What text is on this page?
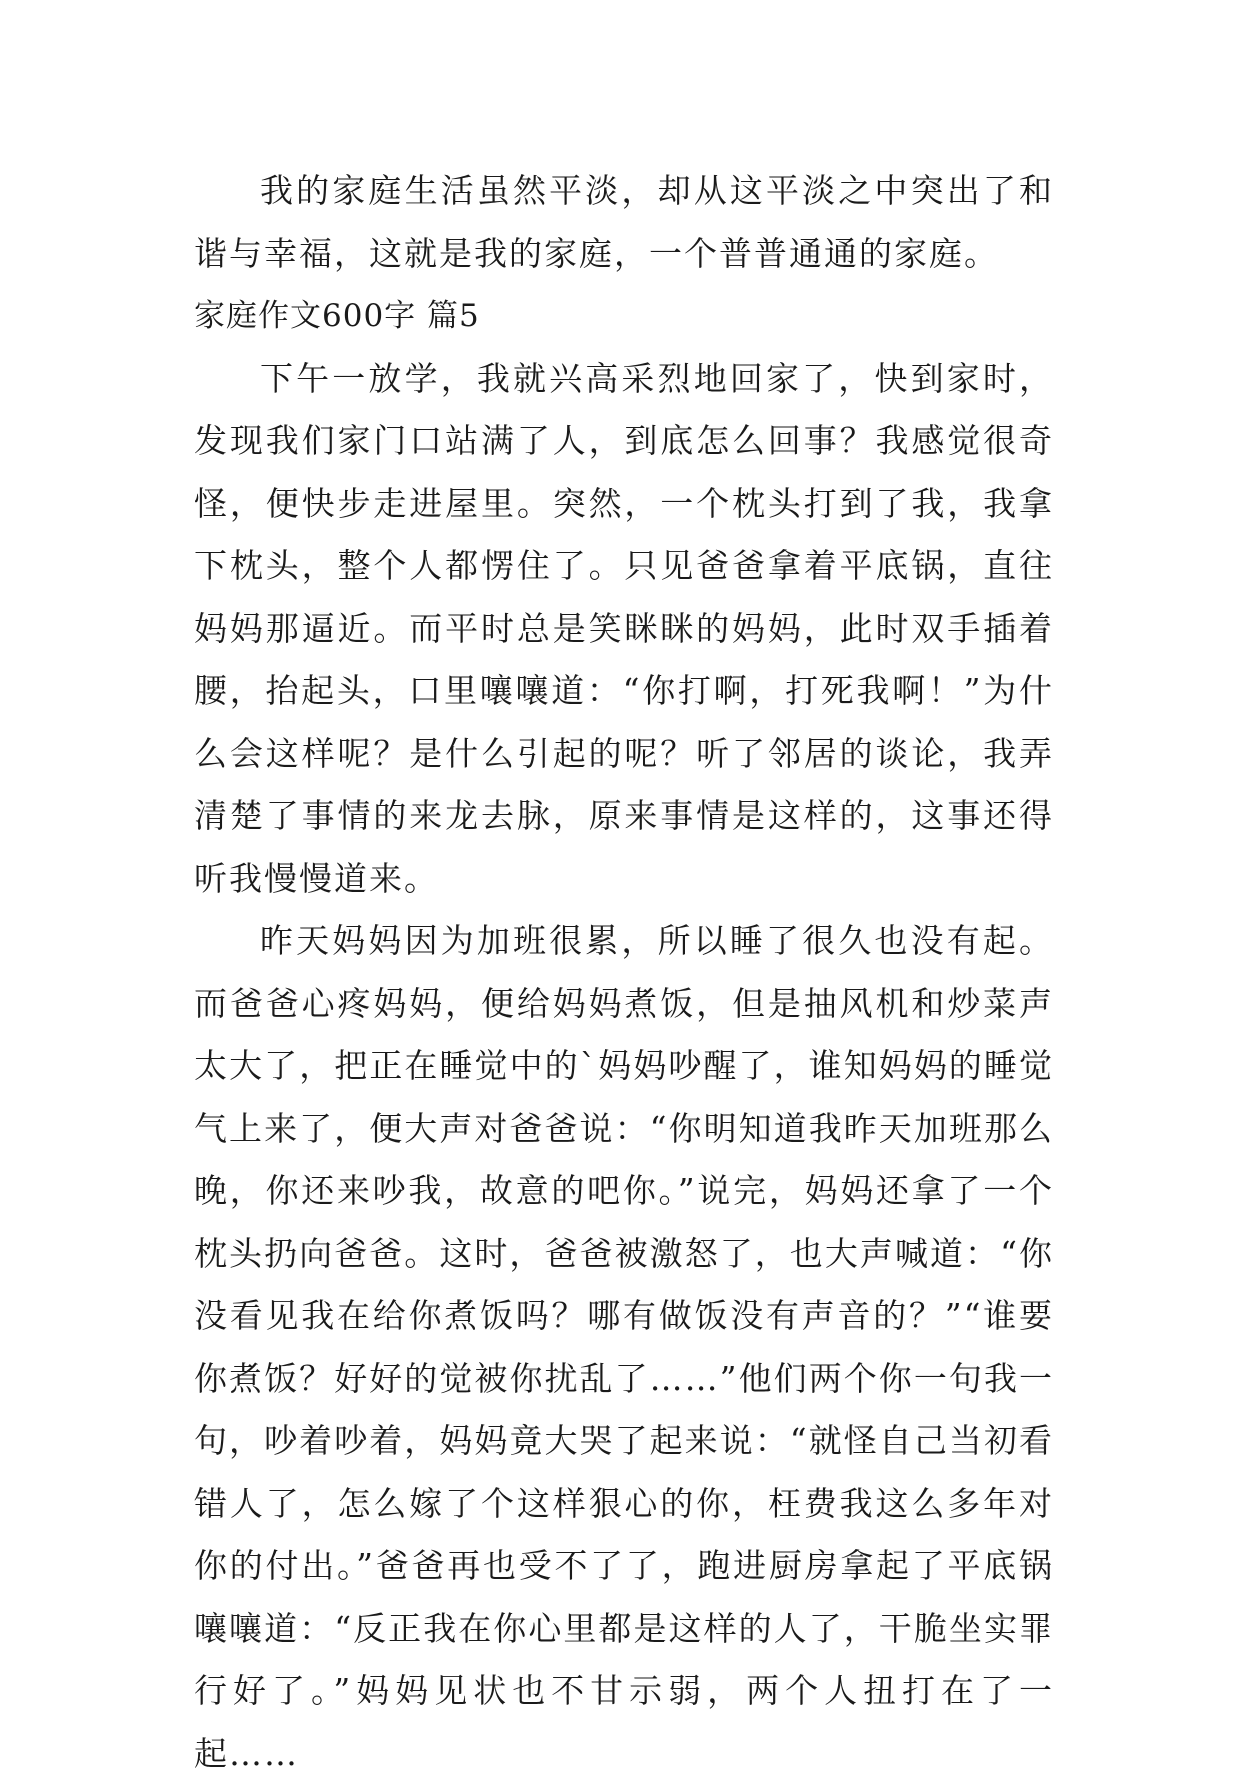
我的家庭生活虽然平淡，却从这平淡之中突出了和谐与幸福，这就是我的家庭，一个普普通通的家庭。

家庭作文600字 篇5

下午一放学，我就兴高采烈地回家了，快到家时，发现我们家门口站满了人，到底怎么回事？我感觉很奇怪，便快步走进屋里。突然，一个枕头打到了我，我拿下枕头，整个人都愣住了。只见爸爸拿着平底锅，直往妈妈那逼近。而平时总是笑眯眯的妈妈，此时双手插着腰，抬起头，口里嚷嚷道：“你打啊，打死我啊！”为什么会这样呢？是什么引起的呢？听了邻居的谈论，我弄清楚了事情的来龙去脉，原来事情是这样的，这事还得听我慢慢道来。

昨天妈妈因为加班很累，所以睡了很久也没有起。而爸爸心疼妈妈，便给妈妈煮饭，但是抽风机和炒菜声太大了，把正在睡觉中的`妈妈吵醒了，谁知妈妈的睡觉气上来了，便大声对爸爸说：“你明知道我昨天加班那么晚，你还来吵我，故意的吧你。”说完，妈妈还拿了一个枕头扔向爸爸。这时，爸爸被激怒了，也大声喊道：“你没看见我在给你煮饭吗？哪有做饭没有声音的？”“谁要你煮饭？好好的觉被你扰乱了……”他们两个你一句我一句，吵着吵着，妈妈竟大哭了起来说：“就怪自己当初看错人了，怎么嫁了个这样狠心的你，枉费我这么多年对你的付出。”爸爸再也受不了了，跑进厨房拿起了平底锅嚷嚷道：“反正我在你心里都是这样的人了，干脆坐实罪行好了。”妈妈见状也不甘示弱，两个人扭打在了一起……
